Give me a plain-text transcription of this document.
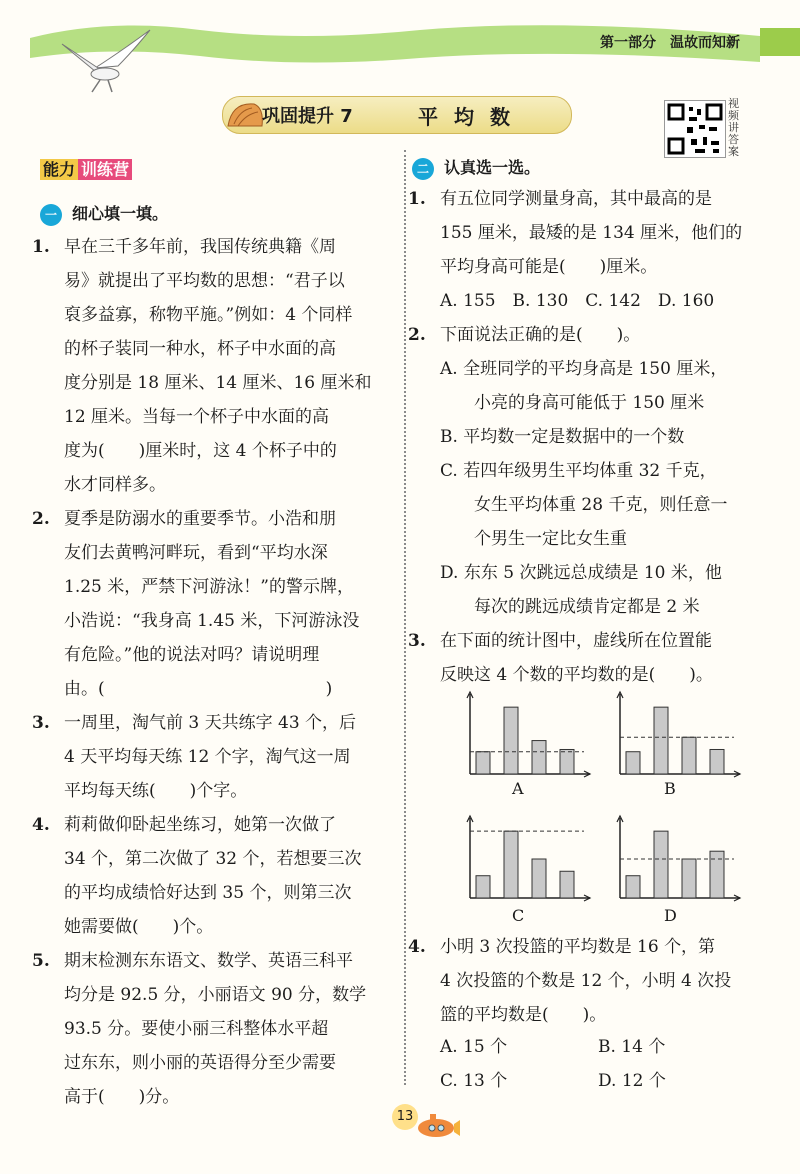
第一部分　温故而知新
巩固提升 7	平均数
视频讲答案
能力 训练营
一 细心填一填。
1. 早在三千多年前，我国传统典籍《周
易》就提出了平均数的思想：“君子以
裒多益寡，称物平施。”例如：4 个同样
的杯子装同一种水，杯子中水面的高
度分别是 18 厘米、14 厘米、16 厘米和
12 厘米。当每一个杯子中水面的高
度为(　　)厘米时，这 4 个杯子中的
水才同样多。
2. 夏季是防溺水的重要季节。小浩和朋
友们去黄鸭河畔玩，看到“平均水深
1.25 米，严禁下河游泳！”的警示牌，
小浩说：“我身高 1.45 米，下河游泳没
有危险。”他的说法对吗？请说明理
由。(　　　　　　　　　　　　　)
3. 一周里，淘气前 3 天共练字 43 个，后
4 天平均每天练 12 个字，淘气这一周
平均每天练(　　)个字。
4. 莉莉做仰卧起坐练习，她第一次做了
34 个，第二次做了 32 个，若想要三次
的平均成绩恰好达到 35 个，则第三次
她需要做(　　)个。
5. 期末检测东东语文、数学、英语三科平
均分是 92.5 分，小丽语文 90 分，数学
93.5 分。要使小丽三科整体水平超
过东东，则小丽的英语得分至少需要
高于(　　)分。
二 认真选一选。
1. 有五位同学测量身高，其中最高的是
155 厘米，最矮的是 134 厘米，他们的
平均身高可能是(　　)厘米。
A. 155　B. 130　C. 142　D. 160
2. 下面说法正确的是(　　)。
A. 全班同学的平均身高是 150 厘米，
　　小亮的身高可能低于 150 厘米
B. 平均数一定是数据中的一个数
C. 若四年级男生平均体重 32 千克，
　　女生平均体重 28 千克，则任意一
　　个男生一定比女生重
D. 东东 5 次跳远总成绩是 10 米，他
　　每次的跳远成绩肯定都是 2 米
3. 在下面的统计图中，虚线所在位置能
反映这 4 个数的平均数的是(　　)。
A	B
C	D
4. 小明 3 次投篮的平均数是 16 个，第
4 次投篮的个数是 12 个，小明 4 次投
篮的平均数是(　　)。
A. 15 个	B. 14 个
C. 13 个	D. 12 个
13
